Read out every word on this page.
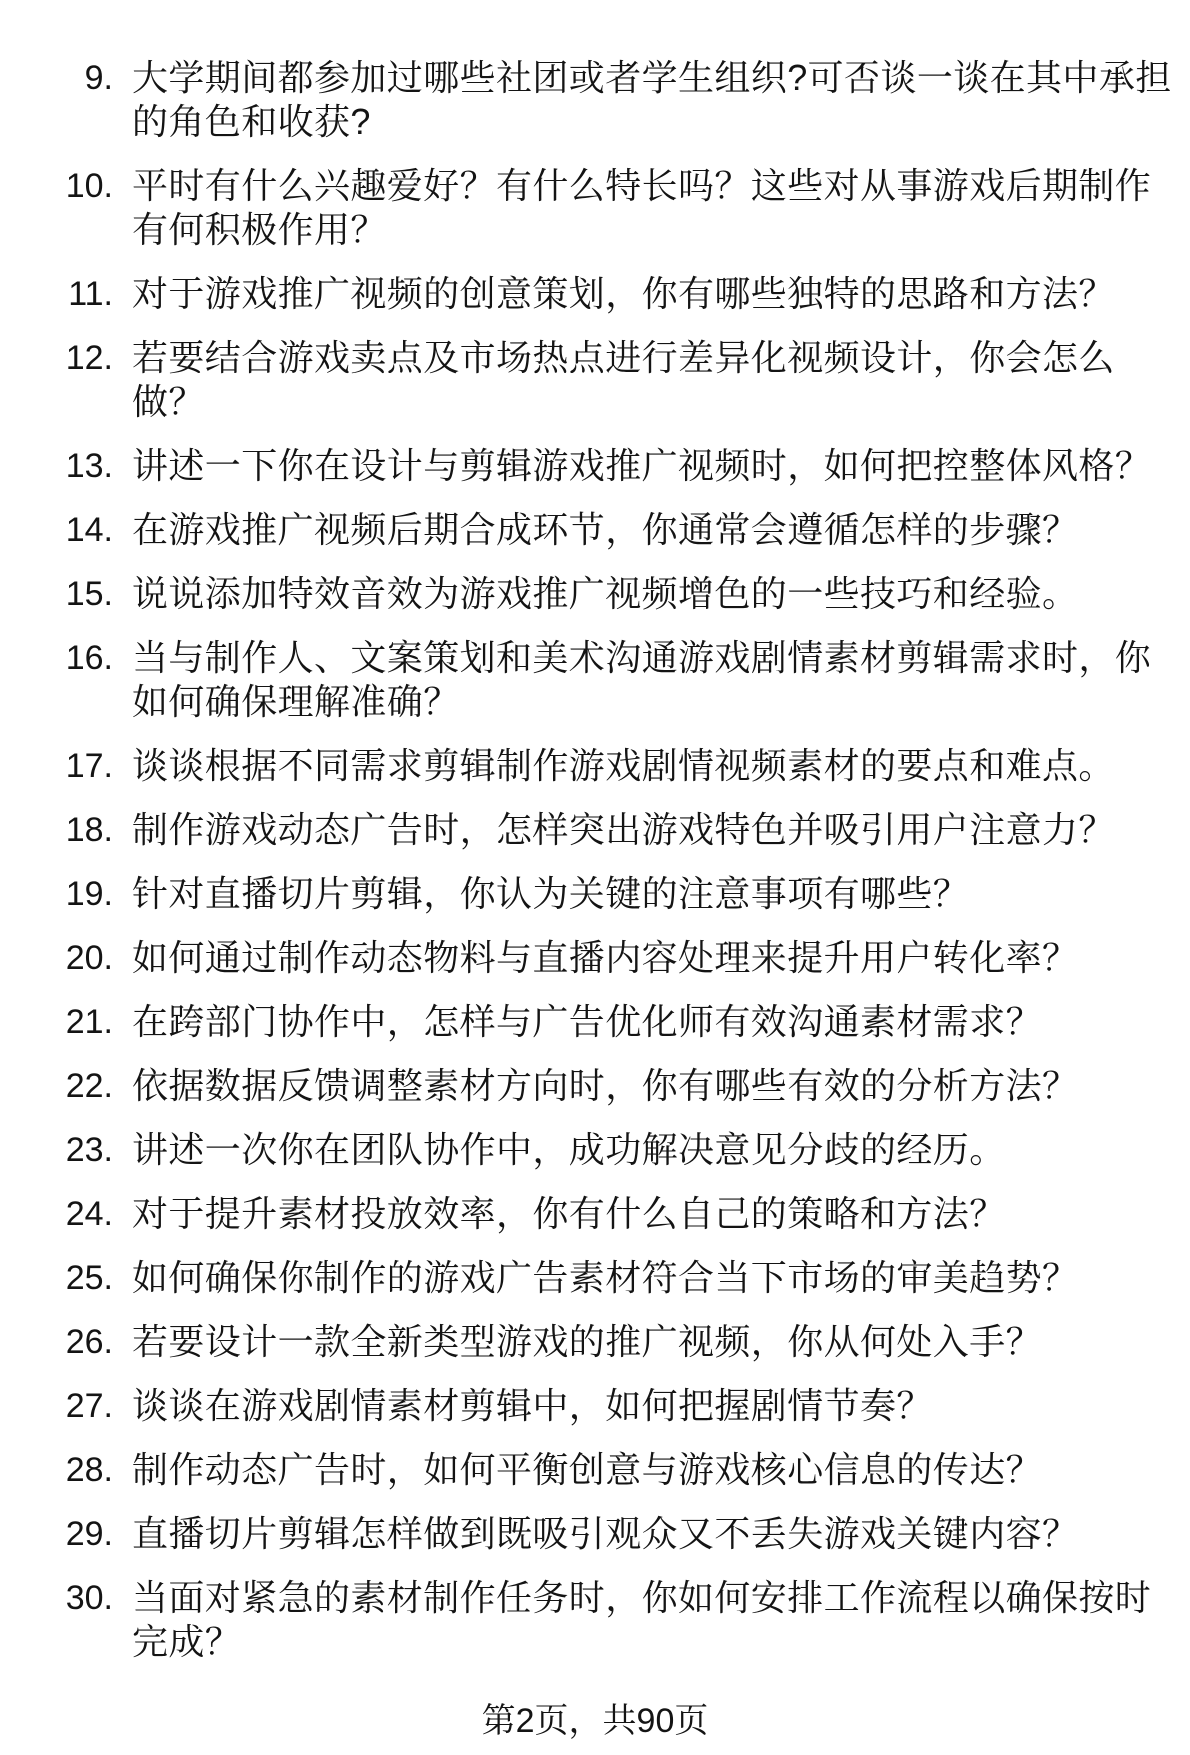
9. 大学期间都参加过哪些社团或者学生组织?可否谈一谈在其中承担
的角色和收获?
10. 平时有什么兴趣爱好？有什么特长吗？这些对从事游戏后期制作
有何积极作用？
11. 对于游戏推广视频的创意策划，你有哪些独特的思路和方法？
12. 若要结合游戏卖点及市场热点进行差异化视频设计，你会怎么
做？
13. 讲述一下你在设计与剪辑游戏推广视频时，如何把控整体风格？
14. 在游戏推广视频后期合成环节，你通常会遵循怎样的步骤？
15. 说说添加特效音效为游戏推广视频增色的一些技巧和经验。
16. 当与制作人、文案策划和美术沟通游戏剧情素材剪辑需求时，你
如何确保理解准确？
17. 谈谈根据不同需求剪辑制作游戏剧情视频素材的要点和难点。
18. 制作游戏动态广告时，怎样突出游戏特色并吸引用户注意力？
19. 针对直播切片剪辑，你认为关键的注意事项有哪些？
20. 如何通过制作动态物料与直播内容处理来提升用户转化率？
21. 在跨部门协作中，怎样与广告优化师有效沟通素材需求？
22. 依据数据反馈调整素材方向时，你有哪些有效的分析方法？
23. 讲述一次你在团队协作中，成功解决意见分歧的经历。
24. 对于提升素材投放效率，你有什么自己的策略和方法？
25. 如何确保你制作的游戏广告素材符合当下市场的审美趋势？
26. 若要设计一款全新类型游戏的推广视频，你从何处入手？
27. 谈谈在游戏剧情素材剪辑中，如何把握剧情节奏？
28. 制作动态广告时，如何平衡创意与游戏核心信息的传达？
29. 直播切片剪辑怎样做到既吸引观众又不丢失游戏关键内容？
30. 当面对紧急的素材制作任务时，你如何安排工作流程以确保按时
完成？
第2页，共90页
